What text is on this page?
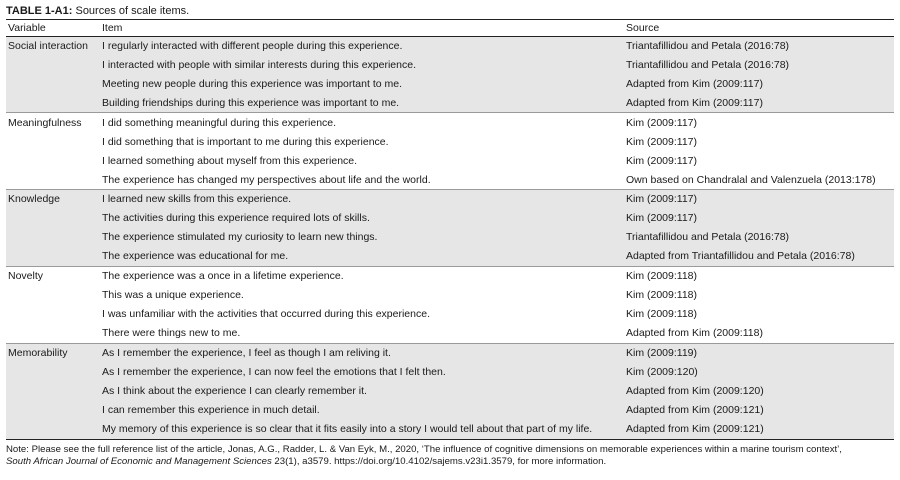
TABLE 1-A1: Sources of scale items.
Variable	Item	Source
Social interaction	I regularly interacted with different people during this experience.	Triantafillidou and Petala (2016:78)
	I interacted with people with similar interests during this experience.	Triantafillidou and Petala (2016:78)
	Meeting new people during this experience was important to me.	Adapted from Kim (2009:117)
	Building friendships during this experience was important to me.	Adapted from Kim (2009:117)
Meaningfulness	I did something meaningful during this experience.	Kim (2009:117)
	I did something that is important to me during this experience.	Kim (2009:117)
	I learned something about myself from this experience.	Kim (2009:117)
	The experience has changed my perspectives about life and the world.	Own based on Chandralal and Valenzuela (2013:178)
Knowledge	I learned new skills from this experience.	Kim (2009:117)
	The activities during this experience required lots of skills.	Kim (2009:117)
	The experience stimulated my curiosity to learn new things.	Triantafillidou and Petala (2016:78)
	The experience was educational for me.	Adapted from Triantafillidou and Petala (2016:78)
Novelty	The experience was a once in a lifetime experience.	Kim (2009:118)
	This was a unique experience.	Kim (2009:118)
	I was unfamiliar with the activities that occurred during this experience.	Kim (2009:118)
	There were things new to me.	Adapted from Kim (2009:118)
Memorability	As I remember the experience, I feel as though I am reliving it.	Kim (2009:119)
	As I remember the experience, I can now feel the emotions that I felt then.	Kim (2009:120)
	As I think about the experience I can clearly remember it.	Adapted from Kim (2009:120)
	I can remember this experience in much detail.	Adapted from Kim (2009:121)
	My memory of this experience is so clear that it fits easily into a story I would tell about that part of my life.	Adapted from Kim (2009:121)
Note: Please see the full reference list of the article, Jonas, A.G., Radder, L. & Van Eyk, M., 2020, ‘The influence of cognitive dimensions on memorable experiences within a marine tourism context’,
South African Journal of Economic and Management Sciences 23(1), a3579. https://doi.org/10.4102/sajems.v23i1.3579, for more information.
